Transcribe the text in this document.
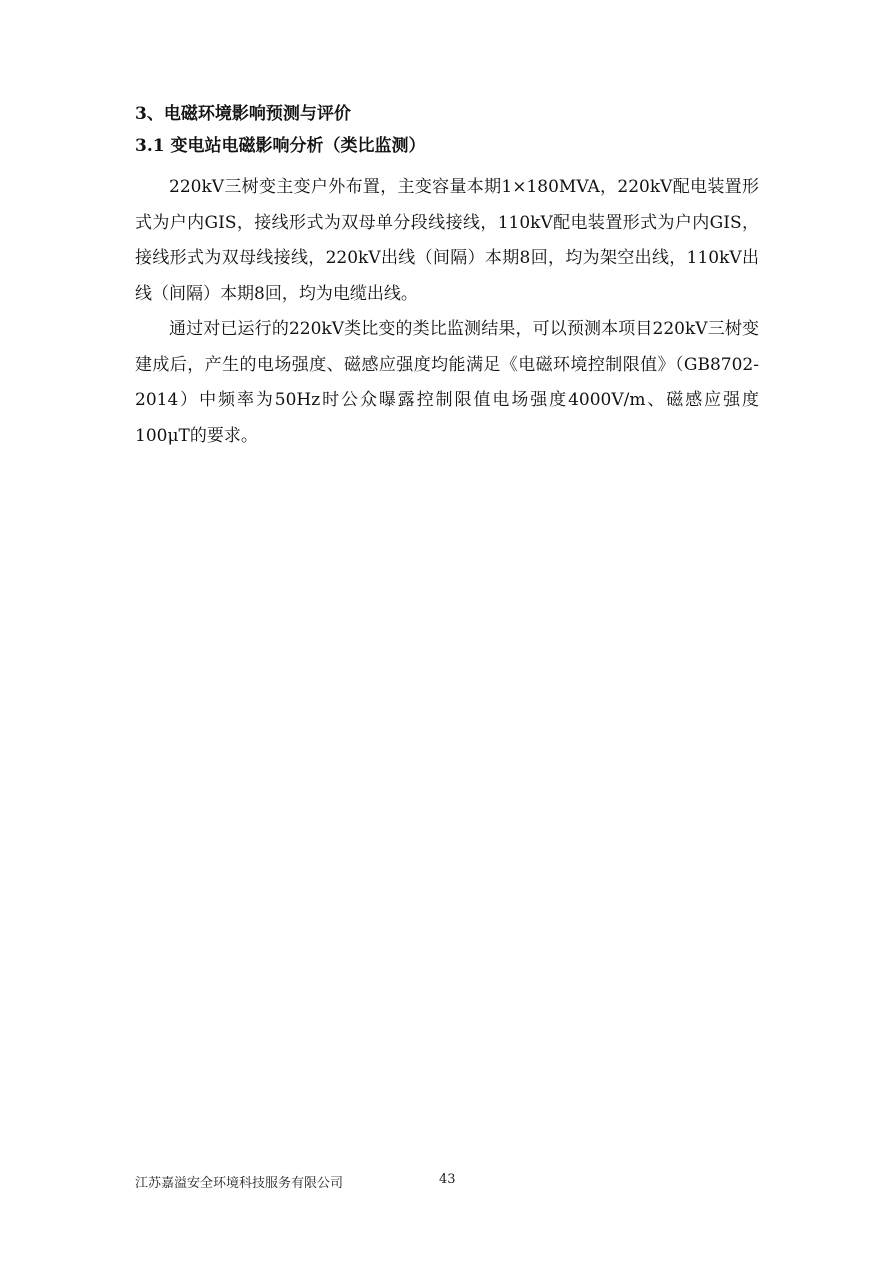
3、电磁环境影响预测与评价
3.1 变电站电磁影响分析（类比监测）

220kV三树变主变户外布置，主变容量本期1×180MVA，220kV配电装置形式为户内GIS，接线形式为双母单分段线接线，110kV配电装置形式为户内GIS，接线形式为双母线接线，220kV出线（间隔）本期8回，均为架空出线，110kV出线（间隔）本期8回，均为电缆出线。

通过对已运行的220kV类比变的类比监测结果，可以预测本项目220kV三树变建成后，产生的电场强度、磁感应强度均能满足《电磁环境控制限值》（GB8702-2014）中频率为50Hz时公众曝露控制限值电场强度4000V/m、磁感应强度100μT的要求。

江苏嘉溢安全环境科技服务有限公司	43
